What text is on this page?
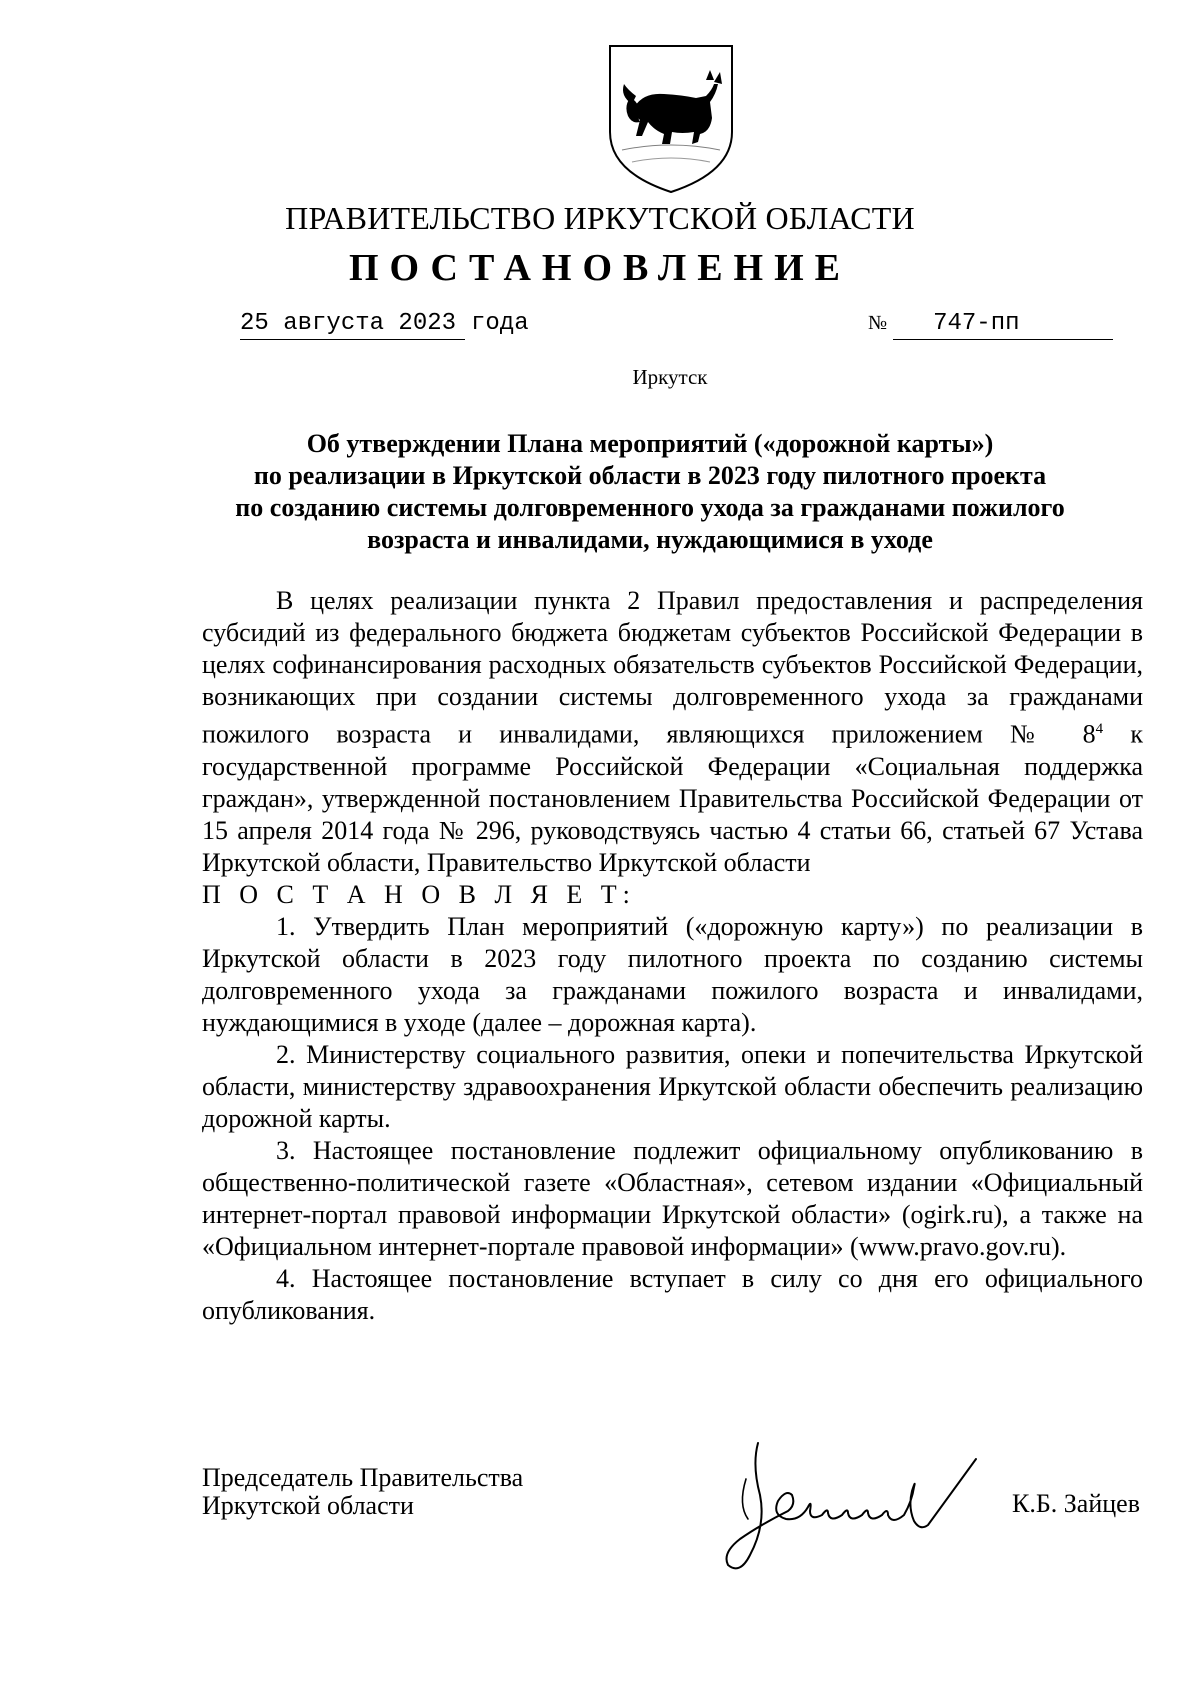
ПРАВИТЕЛЬСТВО ИРКУТСКОЙ ОБЛАСТИ
ПОСТАНОВЛЕНИЕ
25 августа 2023 года	№ 747-пп
Иркутск
Об утверждении Плана мероприятий («дорожной карты»)
по реализации в Иркутской области в 2023 году пилотного проекта
по созданию системы долговременного ухода за гражданами пожилого
возраста и инвалидами, нуждающимися в уходе

В целях реализации пункта 2 Правил предоставления и распределения субсидий из федерального бюджета бюджетам субъектов Российской Федерации в целях софинансирования расходных обязательств субъектов Российской Федерации, возникающих при создании системы долговременного ухода за гражданами пожилого возраста и инвалидами, являющихся приложением № $8^4$ к государственной программе Российской Федерации «Социальная поддержка граждан», утвержденной постановлением Правительства Российской Федерации от 15 апреля 2014 года № 296, руководствуясь частью 4 статьи 66, статьей 67 Устава Иркутской области, Правительство Иркутской области

П О С Т А Н О В Л Я Е Т:

1. Утвердить План мероприятий («дорожную карту») по реализации в Иркутской области в 2023 году пилотного проекта по созданию системы долговременного ухода за гражданами пожилого возраста и инвалидами, нуждающимися в уходе (далее – дорожная карта).

2. Министерству социального развития, опеки и попечительства Иркутской области, министерству здравоохранения Иркутской области обеспечить реализацию дорожной карты.

3. Настоящее постановление подлежит официальному опубликованию в общественно-политической газете «Областная», сетевом издании «Официальный интернет-портал правовой информации Иркутской области» (ogirk.ru), а также на «Официальном интернет-портале правовой информации» (www.pravo.gov.ru).

4. Настоящее постановление вступает в силу со дня его официального опубликования.

Председатель Правительства
Иркутской области	К.Б. Зайцев
